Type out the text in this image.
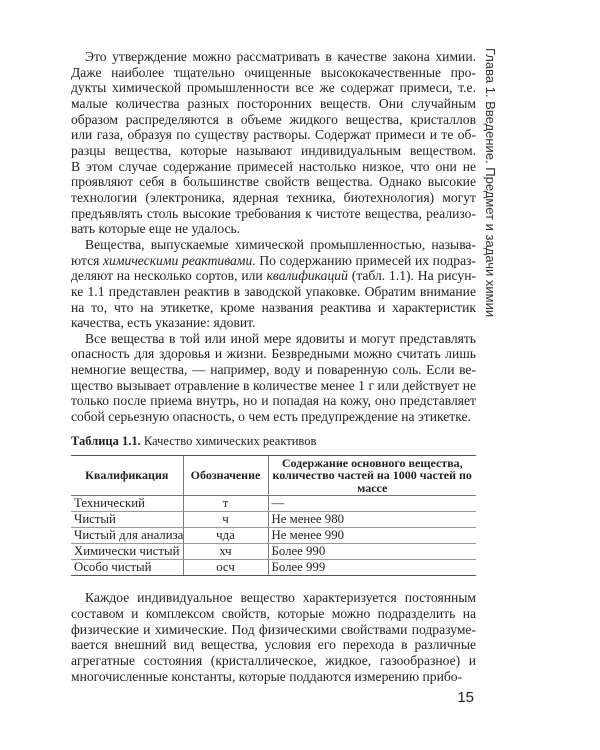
Глава 1. Введение. Предмет и задачи химии
Это утверждение можно рассматривать в качестве закона химии.
Даже наиболее тщательно очищенные высококачественные про-
дукты химической промышленности все же содержат примеси, т.е.
малые количества разных посторонних веществ. Они случайным
образом распределяются в объеме жидкого вещества, кристаллов
или газа, образуя по существу растворы. Содержат примеси и те об-
разцы вещества, которые называют индивидуальным веществом.
В этом случае содержание примесей настолько низкое, что они не
проявляют себя в большинстве свойств вещества. Однако высокие
технологии (электроника, ядерная техника, биотехнология) могут
предъявлять столь высокие требования к чистоте вещества, реализо-
вать которые еще не удалось.
Вещества, выпускаемые химической промышленностью, называ-
ются химическими реактивами. По содержанию примесей их подраз-
деляют на несколько сортов, или квалификаций (табл. 1.1). На рисун-
ке 1.1 представлен реактив в заводской упаковке. Обратим внимание
на то, что на этикетке, кроме названия реактива и характеристик
качества, есть указание: ядовит.
Все вещества в той или иной мере ядовиты и могут представлять
опасность для здоровья и жизни. Безвредными можно считать лишь
немногие вещества, — например, воду и поваренную соль. Если ве-
щество вызывает отравление в количестве менее 1 г или действует не
только после приема внутрь, но и попадая на кожу, оно представляет
собой серьезную опасность, о чем есть предупреждение на этикетке.
Таблица 1.1. Качество химических реактивов
Квалификация	Обозначение	Содержание основного вещества, количество частей на 1000 частей по массе
Технический	т	—
Чистый	ч	Не менее 980
Чистый для анализа	чда	Не менее 990
Химически чистый	хч	Более 990
Особо чистый	осч	Более 999
Каждое индивидуальное вещество характеризуется постоянным
составом и комплексом свойств, которые можно подразделить на
физические и химические. Под физическими свойствами подразуме-
вается внешний вид вещества, условия его перехода в различные
агрегатные состояния (кристаллическое, жидкое, газообразное) и
многочисленные константы, которые поддаются измерению прибо-
15
